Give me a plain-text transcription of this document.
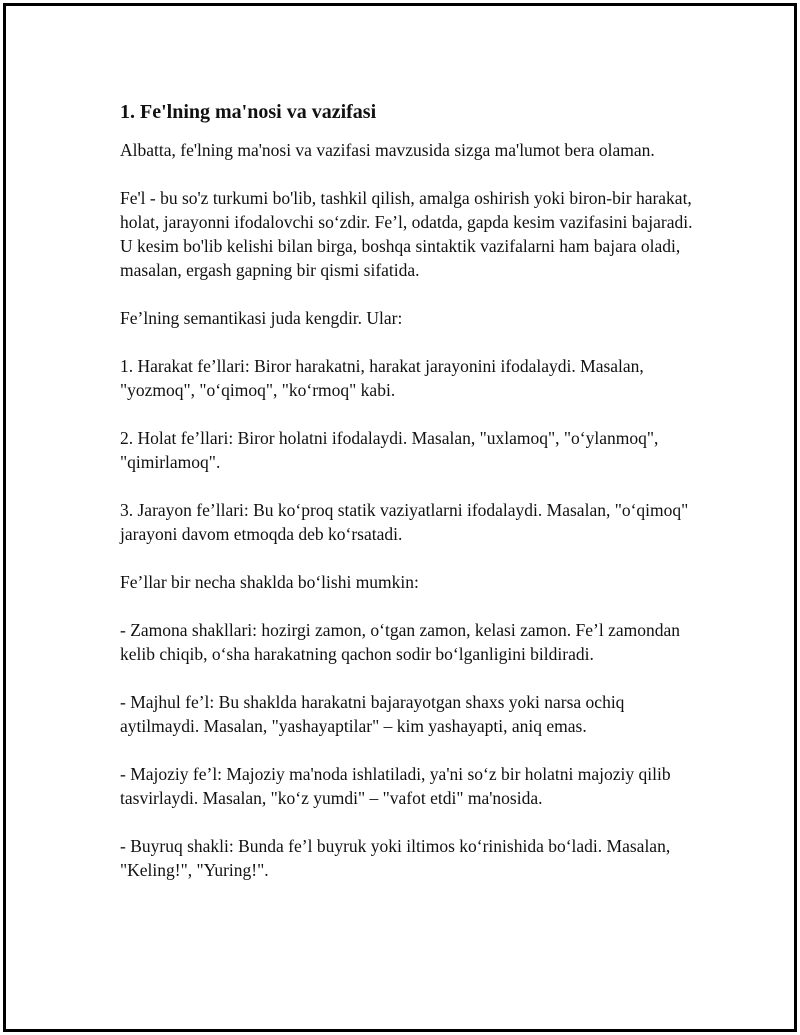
1. Fe'lning ma'nosi va vazifasi

Albatta, fe'lning ma'nosi va vazifasi mavzusida sizga ma'lumot bera olaman.

Fe'l - bu so'z turkumi bo'lib, tashkil qilish, amalga oshirish yoki biron-bir harakat, holat, jarayonni ifodalovchi so‘zdir. Fe’l, odatda, gapda kesim vazifasini bajaradi. U kesim bo'lib kelishi bilan birga, boshqa sintaktik vazifalarni ham bajara oladi, masalan, ergash gapning bir qismi sifatida.

Fe’lning semantikasi juda kengdir. Ular:

1. Harakat fe’llari: Biror harakatni, harakat jarayonini ifodalaydi. Masalan, "yozmoq", "o‘qimoq", "ko‘rmoq" kabi.

2. Holat fe’llari: Biror holatni ifodalaydi. Masalan, "uxlamoq", "o‘ylanmoq", "qimirlamoq".

3. Jarayon fe’llari: Bu ko‘proq statik vaziyatlarni ifodalaydi. Masalan, "o‘qimoq" jarayoni davom etmoqda deb ko‘rsatadi.

Fe’llar bir necha shaklda bo‘lishi mumkin:

- Zamona shakllari: hozirgi zamon, o‘tgan zamon, kelasi zamon. Fe’l zamondan kelib chiqib, o‘sha harakatning qachon sodir bo‘lganligini bildiradi.

- Majhul fe’l: Bu shaklda harakatni bajarayotgan shaxs yoki narsa ochiq aytilmaydi. Masalan, "yashayaptilar" – kim yashayapti, aniq emas.

- Majoziy fe’l: Majoziy ma'noda ishlatiladi, ya'ni so‘z bir holatni majoziy qilib tasvirlaydi. Masalan, "ko‘z yumdi" – "vafot etdi" ma'nosida.

- Buyruq shakli: Bunda fe’l buyruk yoki iltimos ko‘rinishida bo‘ladi. Masalan, "Keling!", "Yuring!".
